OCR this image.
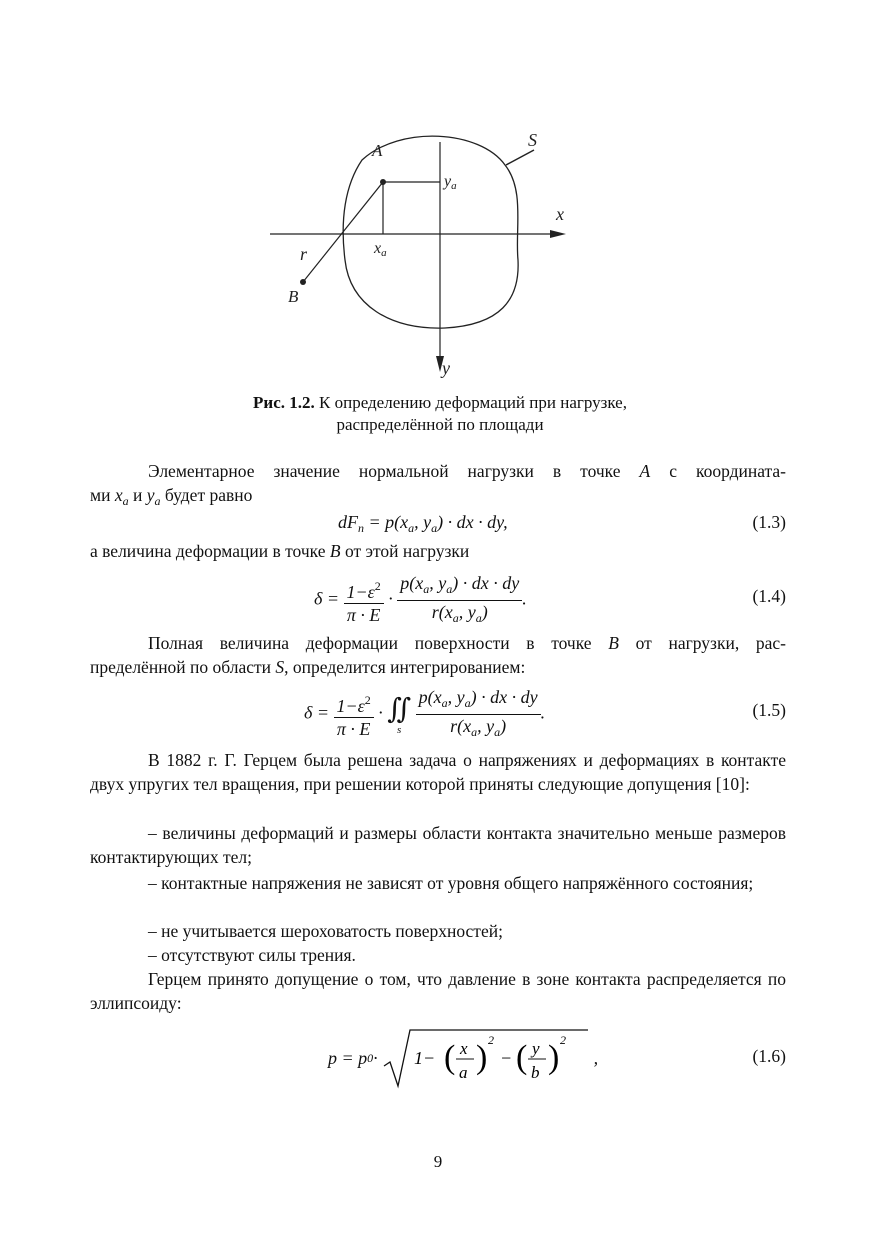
A
S
x
y
ya
xa
r
B
Рис. 1.2. К определению деформаций при нагрузке,
распределённой по площади
Элементарное значение нормальной нагрузки в точке A с координата-
ми $x_a$ и $y_a$ будет равно
$dF_n = p(x_a$, $y_a$) · dx · dy,	(1.3)
а величина деформации в точке B от этой нагрузки
$\delta = \frac{1-\varepsilon^2}{\pi \cdot E} \cdot \frac{p(x_a, y_a) \cdot dx \cdot dy}{r(x_a, y_a)}$ .	(1.4)
Полная величина деформации поверхности в точке B от нагрузки, рас-
пределённой по области S, определится интегрированием:
$\delta = \frac{1-\varepsilon^2}{\pi \cdot E}$ · ∬
s
$\frac{p(x_a, y_a) \cdot dx \cdot dy}{r(x_a, y_a)}$ .	(1.5)
В 1882 г. Г. Герцем была решена задача о напряжениях и деформациях в контакте двух упругих тел вращения, при решении которой приняты следующие допущения [10]:
– величины деформаций и размеры области контакта значительно меньше размеров контактирующих тел;
– контактные напряжения не зависят от уровня общего напряжённого состояния;
– не учитывается шероховатость поверхностей;
– отсутствуют силы трения.
Герцем принято допущение о том, что давление в зоне контакта распределяется по эллипсоиду:
p = p 0 · 1− ( x
a ) 2
− ( y
b ) 2
,	(1.6)
9
